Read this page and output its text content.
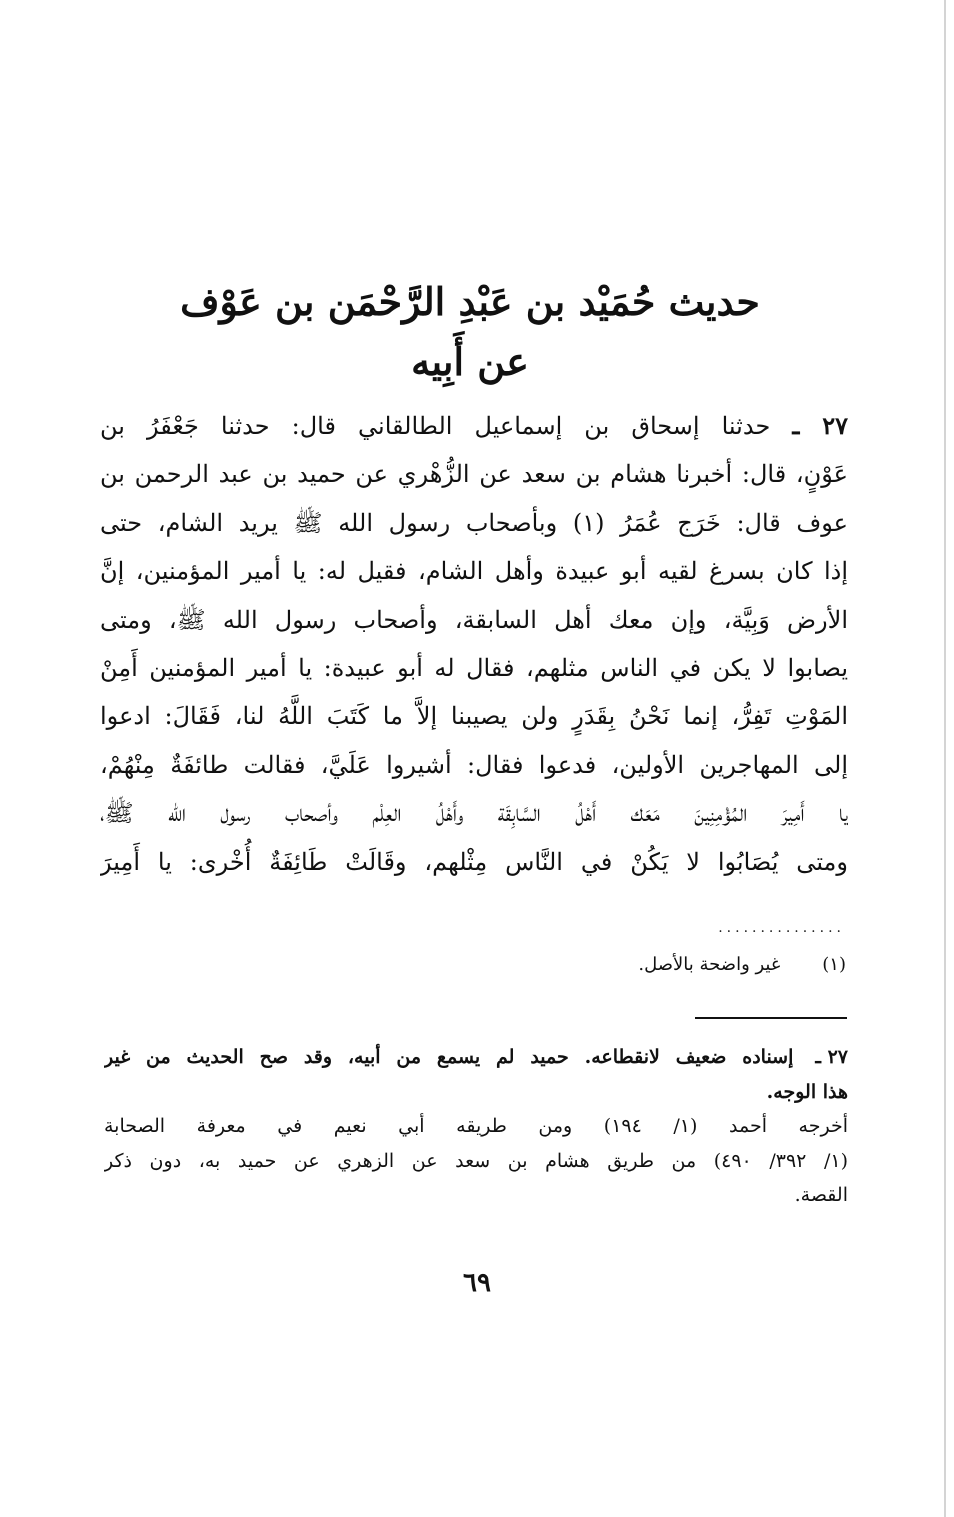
حديث حُمَيْد بن عَبْدِ الرَّحْمَن بن عَوْف عن أَبِيه
٢٧ ـ حدثنا إسحاق بن إسماعيل الطالقاني قال: حدثنا جَعْفَرُ بن
عَوْنٍ، قال: أخبرنا هشام بن سعد عن الزُّهْري عن حميد بن عبد الرحمن بن
عوف قال: خَرَج عُمَرُ (١) وبأصحاب رسول الله ﷺ يريد الشام، حتى
إذا كان بسرغ لقيه أبو عبيدة وأهل الشام، فقيل له: يا أمير المؤمنين، إنَّ
الأرض وَبِيَّة، وإن معك أهل السابقة، وأصحاب رسول الله ﷺ، ومتى
يصابوا لا يكن في الناس مثلهم، فقال له أبو عبيدة: يا أمير المؤمنين أَمِنْ
المَوْتِ تَفِرُّ، إنما نَحْنُ بِقَدَرٍ ولن يصيبنا إلاَّ ما كَتَبَ اللَّهُ لنا، فَقَالَ: ادعوا
إلى المهاجرين الأولين، فدعوا فقال: أشيروا عَلَيَّ، فقالت طائفَةٌ مِنْهُمْ،
يا أَمِيرَ المُؤْمِنِينَ مَعَك أَهْلُ السَّابِقَة وأَهْلُ العِلْم وأصحاب رسول الله ﷺ،
ومتى يُصَابُوا لا يَكُنْ في النَّاس مِثْلهم، وقَالَتْ طَائِفَةٌ أُخْرى: يا أَمِيرَ
...............
(١)غير واضحة بالأصل.
٢٧ ـإسناده ضعيف لانقطاعه. حميد لم يسمع من أبيه، وقد صح الحديث من غير
هذا الوجه.
أخرجه أحمد (١/ ١٩٤) ومن طريقه أبي نعيم في معرفة الصحابة
(١/ ٣٩٢/ ٤٩٠) من طريق هشام بن سعد عن الزهري عن حميد به، دون ذكر
القصة.
٦٩
